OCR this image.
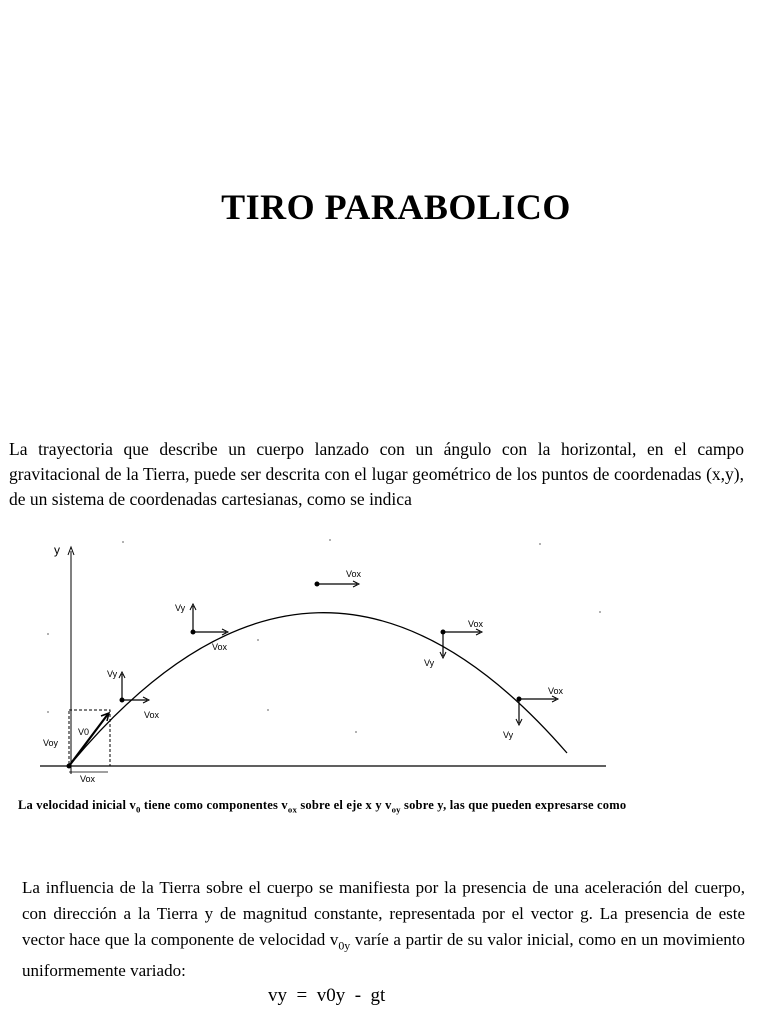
TIRO PARABOLICO

La trayectoria que describe un cuerpo lanzado con un ángulo con la horizontal, en el campo gravitacional de la Tierra, puede ser descrita con el lugar geométrico de los puntos de coordenadas (x,y), de un sistema de coordenadas cartesianas, como se indica

y
V0
Voy
Vox
Vy
Vox
Vy
Vox
Vox
Vox
Vy
Vox
Vy

La velocidad inicial $v_0$ tiene como componentes $v_{ox}$ sobre el eje x y $v_{oy}$ sobre y, las que pueden expresarse como

La influencia de la Tierra sobre el cuerpo se manifiesta por la presencia de una aceleración del cuerpo, con dirección a la Tierra y de magnitud constante, representada por el vector g. La presencia de este vector hace que la componente de velocidad $v_{0y}$ varíe a partir de su valor inicial, como en un movimiento uniformemente variado:

vy  =  v0y  -  gt
